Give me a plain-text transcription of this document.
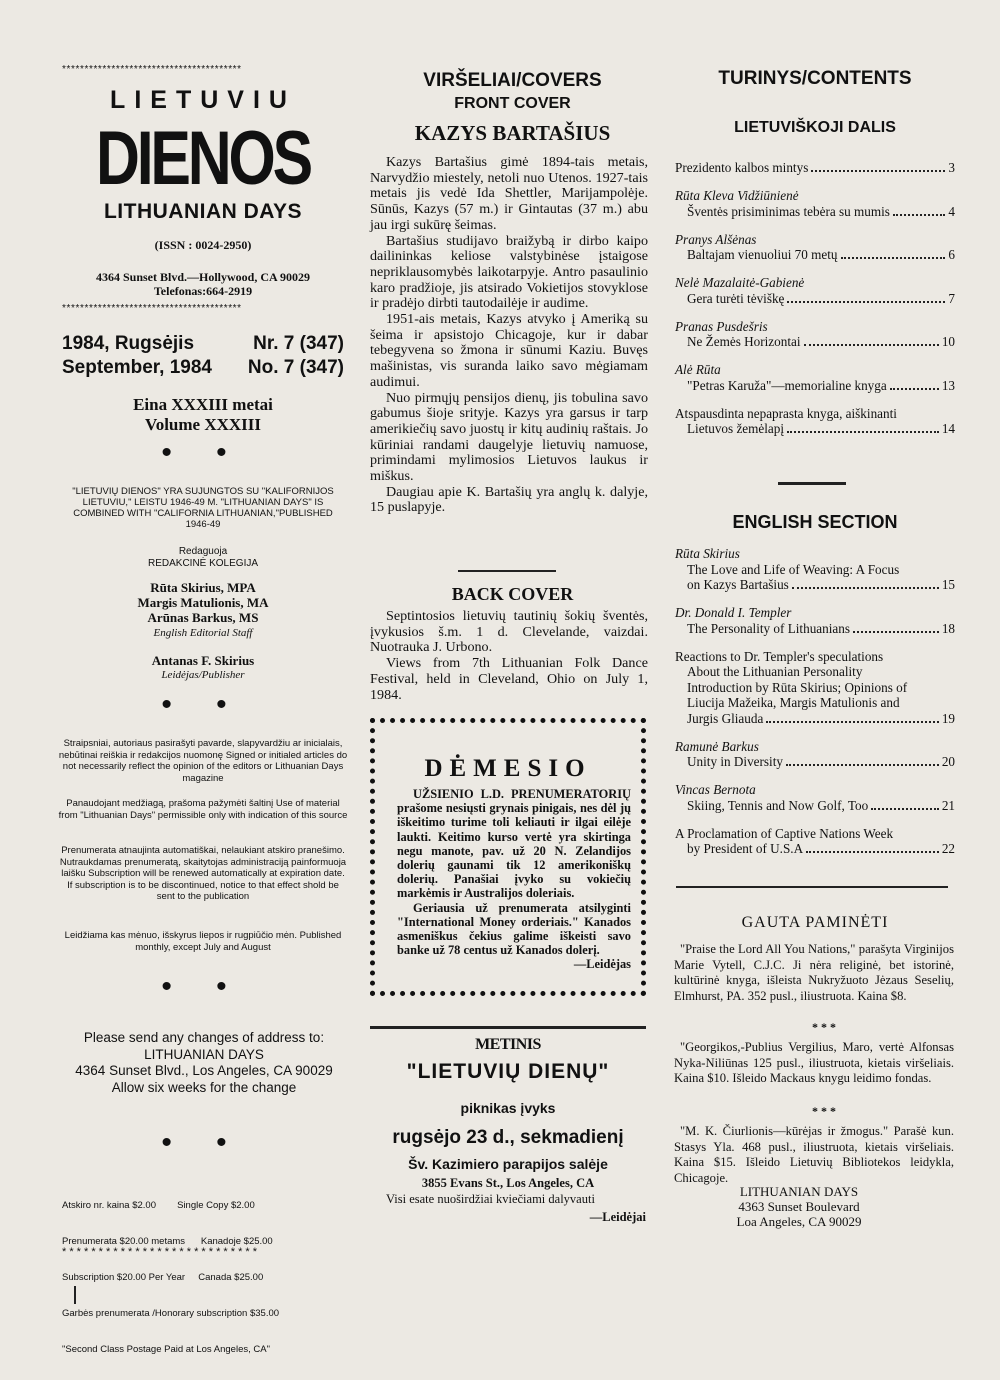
****************************************
LIETUVIU
DIENOS
LITHUANIAN DAYS
(ISSN : 0024-2950)
4364 Sunset Blvd.—Hollywood, CA 90029
Telefonas:664-2919
****************************************
1984, Rugsėjis	Nr. 7 (347)
September, 1984 No. 7 (347)
Eina XXXIII metai
Volume XXXIII
• •
"LIETUVIŲ DIENOS" YRA SUJUNGTOS SU "KALIFORNIJOS LIETUVIU," LEISTU 1946-49 M. "LITHUANIAN DAYS" IS COMBINED WITH "CALIFORNIA LITHUANIAN,"PUBLISHED 1946-49
Redaguoja
REDAKCINĖ KOLEGIJA
Rūta Skirius, MPA
Margis Matulionis, MA
Arūnas Barkus, MS
English Editorial Staff
Antanas F. Skirius
Leidėjas/Publisher
• •
Straipsniai, autoriaus pasirašyti pavarde, slapyvardžiu ar inicialais, nebūtinai reiškia ir redakcijos nuomonę Signed or initialed articles do not necessarily reflect the opinion of the editors or Lithuanian Days magazine
Panaudojant medžiagą, prašoma pažymėti šaltinį Use of material from "Lithuanian Days" permissible only with indication of this source
Prenumerata atnaujinta automatiškai, nelaukiant atskiro pranešimo. Nutraukdamas prenumeratą, skaitytojas administraciją painformuoja laišku Subscription will be renewed automatically at expiration date. If subscription is to be discontinued, notice to that effect shold be sent to the publication
Leidžiama kas mėnuo, išskyrus liepos ir rugpiūčio mėn. Published monthly, except July and August
• •
Please send any changes of address to:
LITHUANIAN DAYS
4364 Sunset Blvd., Los Angeles, CA 90029
Allow six weeks for the change
• •

Atskiro nr. kaina $2.00        Single Copy $2.00

Prenumerata $20.00 metams      Kanadoje $25.00

Subscription $20.00 Per Year     Canada $25.00

Garbės prenumerata /Honorary subscription $35.00

"Second Class Postage Paid at Los Angeles, CA"

* * * * * * * * * * * * * * * * * * * * * * * * * * *
VIRŠELIAI/COVERS
FRONT COVER
KAZYS BARTAŠIUS

Kazys Bartašius gimė 1894-tais metais, Narvydžio miestely, netoli nuo Utenos. 1927-tais metais jis vedė Ida Shettler, Marijampolėje. Sūnūs, Kazys (57 m.) ir Gintautas (37 m.) abu jau irgi sukūrę šeimas.

Bartašius studijavo braižybą ir dirbo kaipo dailininkas keliose valstybinėse įstaigose nepriklausomybės laikotarpyje. Antro pasaulinio karo pradžioje, jis atsirado Vokietijos stovyklose ir pradėjo dirbti tautodailėje ir audime.

1951-ais metais, Kazys atvyko į Ameriką su šeima ir apsistojo Chicagoje, kur ir dabar tebegyvena so žmona ir sūnumi Kaziu. Buvęs mašinistas, vis suranda laiko savo mėgiamam audimui.

Nuo pirmųjų pensijos dienų, jis tobulina savo gabumus šioje srityje. Kazys yra garsus ir tarp amerikiečių savo juostų ir kitų audinių raštais. Jo kūriniai randami daugelyje lietuvių namuose, primindami mylimosios Lietuvos laukus ir miškus.

Daugiau apie K. Bartašių yra anglų k. dalyje, 15 puslapyje.

BACK COVER

Septintosios lietuvių tautinių šokių šventės, įvykusios š.m. 1 d. Clevelande, vaizdai. Nuotrauka J. Urbono.

Views from 7th Lithuanian Folk Dance Festival, held in Cleveland, Ohio on July 1, 1984.

DĖMESIO

UŽSIENIO L.D. PRENUMERATORIŲ prašome nesiųsti grynais pinigais, nes dėl jų iškeitimo turime toli keliauti ir ilgai eilėje laukti. Keitimo kurso vertė yra skirtinga negu manote, pav. už 20 N. Zelandijos dolerių gaunami tik 12 amerikoniškų dolerių. Panašiai įvyko su vokiečių markėmis ir Australijos doleriais.

Geriausia už prenumerata atsilyginti "International Money orderiais." Kanados asmeniškus čekius galime iškeisti savo banke už 78 centus už Kanados dolerį.

—Leidėjas
METINIS
"LIETUVIŲ DIENŲ"
piknikas įvyks
rugsėjo 23 d., sekmadienį
Šv. Kazimiero parapijos salėje
3855 Evans St., Los Angeles, CA
Visi esate nuoširdžiai kviečiami dalyvauti
—Leidėjai
TURINYS/CONTENTS
LIETUVIŠKOJI DALIS
Prezidento kalbos mintys	3
Rūta Kleva Vidžiūnienė
Šventės prisiminimas tebėra su mumis	4
Pranys Alšėnas
Baltajam vienuoliui 70 metų	6
Nelė Mazalaitė-Gabienė
Gera turėti tėviškę	7
Pranas Pusdešris
Ne Žemės Horizontai	10
Alė Rūta
"Petras Karuža"—memorialine knyga	13
Atspausdinta nepaprasta knyga, aiškinanti
Lietuvos žemėlapį	14
ENGLISH SECTION
Rūta Skirius
The Love and Life of Weaving: A Focus
on Kazys Bartašius	15
Dr. Donald I. Templer
The Personality of Lithuanians	18
Reactions to Dr. Templer's speculations
About the Lithuanian Personality
Introduction by Rūta Skirius; Opinions of
Liucija Mažeika, Margis Matulionis and
Jurgis Gliauda	19
Ramunė Barkus
Unity in Diversity	20
Vincas Bernota
Skiing, Tennis and Now Golf, Too	21
A Proclamation of Captive Nations Week
by President of U.S.A	22
GAUTA PAMINĖTI
"Praise the Lord All You Nations," parašyta Virginijos Marie Vytell, C.J.C. Ji nėra religinė, bet istorinė, kultūrinė knyga, išleista Nukryžuoto Jėzaus Seselių, Elmhurst, PA. 352 pusl., iliustruota. Kaina $8.
* * *
"Georgikos,-Publius Vergilius, Maro, vertė Alfonsas Nyka-Niliūnas 125 pusl., iliustruota, kietais viršeliais. Kaina $10. Išleido Mackaus knygu leidimo fondas.
* * *
"M. K. Čiurlionis—kūrėjas ir žmogus." Parašė kun. Stasys Yla. 468 pusl., iliustruota, kietais viršeliais. Kaina $15. Išleido Lietuvių Bibliotekos leidykla, Chicagoje.
LITHUANIAN DAYS
4363 Sunset Boulevard
Loa Angeles, CA 90029
